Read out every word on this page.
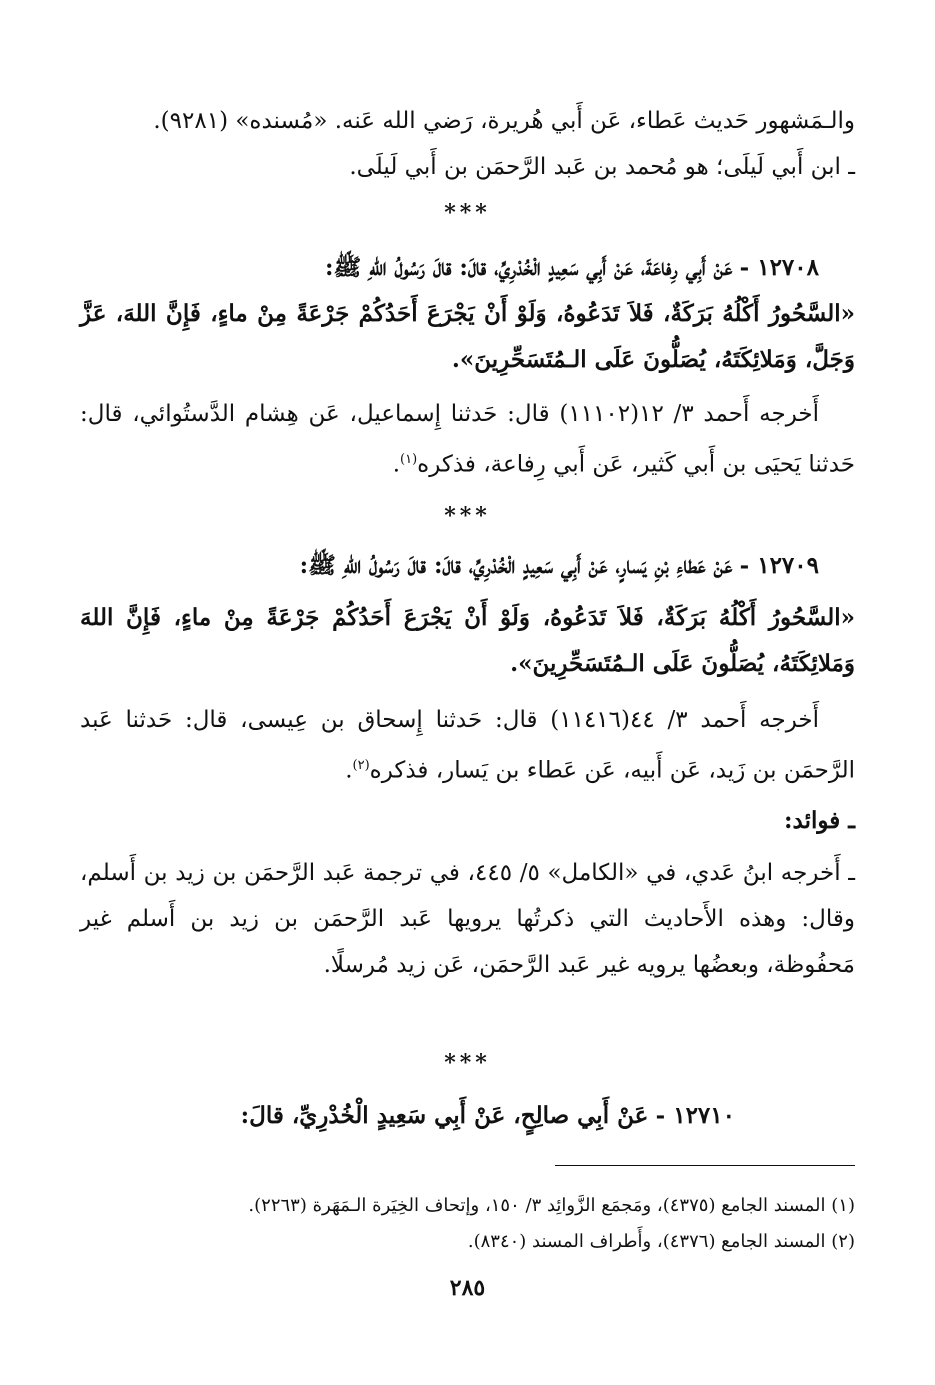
والـمَشهور حَديث عَطاء، عَن أَبي هُريرة، رَضي الله عَنه. «مُسنده» (٩٢٨١).

ـ ابن أَبي لَيلَى؛ هو مُحمد بن عَبد الرَّحمَن بن أَبي لَيلَى.

***

١٢٧٠٨ - عَنْ أَبِي رِفاعَةَ، عَنْ أَبِي سَعِيدٍ الْخُدْرِيِّ، قالَ: قالَ رَسُولُ اللهِ ﷺ:

«السَّحُورُ أَكْلُهُ بَرَكَةٌ، فَلاَ تَدَعُوهُ، وَلَوْ أَنْ يَجْرَعَ أَحَدُكُمْ جَرْعَةً مِنْ ماءٍ، فَإِنَّ اللهَ، عَزَّ وَجَلَّ، وَمَلائِكَتَهُ، يُصَلُّونَ عَلَى الـمُتَسَحِّرِينَ».

أَخرجه أَحمد ٣/ ١٢(١١١٠٢) قال: حَدثنا إِسماعيل، عَن هِشام الدَّستُوائي، قال: حَدثنا يَحيَى بن أَبي كَثير، عَن أَبي رِفاعة، فذكره$^{(١)}$.

***

١٢٧٠٩ - عَنْ عَطاءِ بْنِ يَسارٍ، عَنْ أَبِي سَعِيدٍ الْخُدْرِيِّ، قالَ: قالَ رَسُولُ اللهِ ﷺ:

«السَّحُورُ أَكْلُهُ بَرَكَةٌ، فَلاَ تَدَعُوهُ، وَلَوْ أَنْ يَجْرَعَ أَحَدُكُمْ جَرْعَةً مِنْ ماءٍ، فَإِنَّ اللهَ وَمَلائِكَتَهُ، يُصَلُّونَ عَلَى الـمُتَسَحِّرِينَ».

أَخرجه أَحمد ٣/ ٤٤(١١٤١٦) قال: حَدثنا إِسحاق بن عِيسى، قال: حَدثنا عَبد الرَّحمَن بن زَيد، عَن أَبيه، عَن عَطاء بن يَسار، فذكره$^{(٢)}$.

ـ فوائد:

ـ أَخرجه ابنُ عَدي، في «الكامل» ٥/ ٤٤٥، في ترجمة عَبد الرَّحمَن بن زيد بن أَسلم، وقال: وهذه الأَحاديث التي ذكرتُها يرويها عَبد الرَّحمَن بن زيد بن أَسلم غير مَحفُوظة، وبعضُها يرويه غير عَبد الرَّحمَن، عَن زيد مُرسلًا.

***

١٢٧١٠ - عَنْ أَبِي صالِحٍ، عَنْ أَبِي سَعِيدٍ الْخُدْرِيِّ، قالَ:

(١) المسند الجامع (٤٣٧٥)، ومَجمَع الزَّوائِد ٣/ ١٥٠، وإتحاف الخِيَرة الـمَهَرة (٢٢٦٣).

(٢) المسند الجامع (٤٣٧٦)، وأَطراف المسند (٨٣٤٠).

٢٨٥
